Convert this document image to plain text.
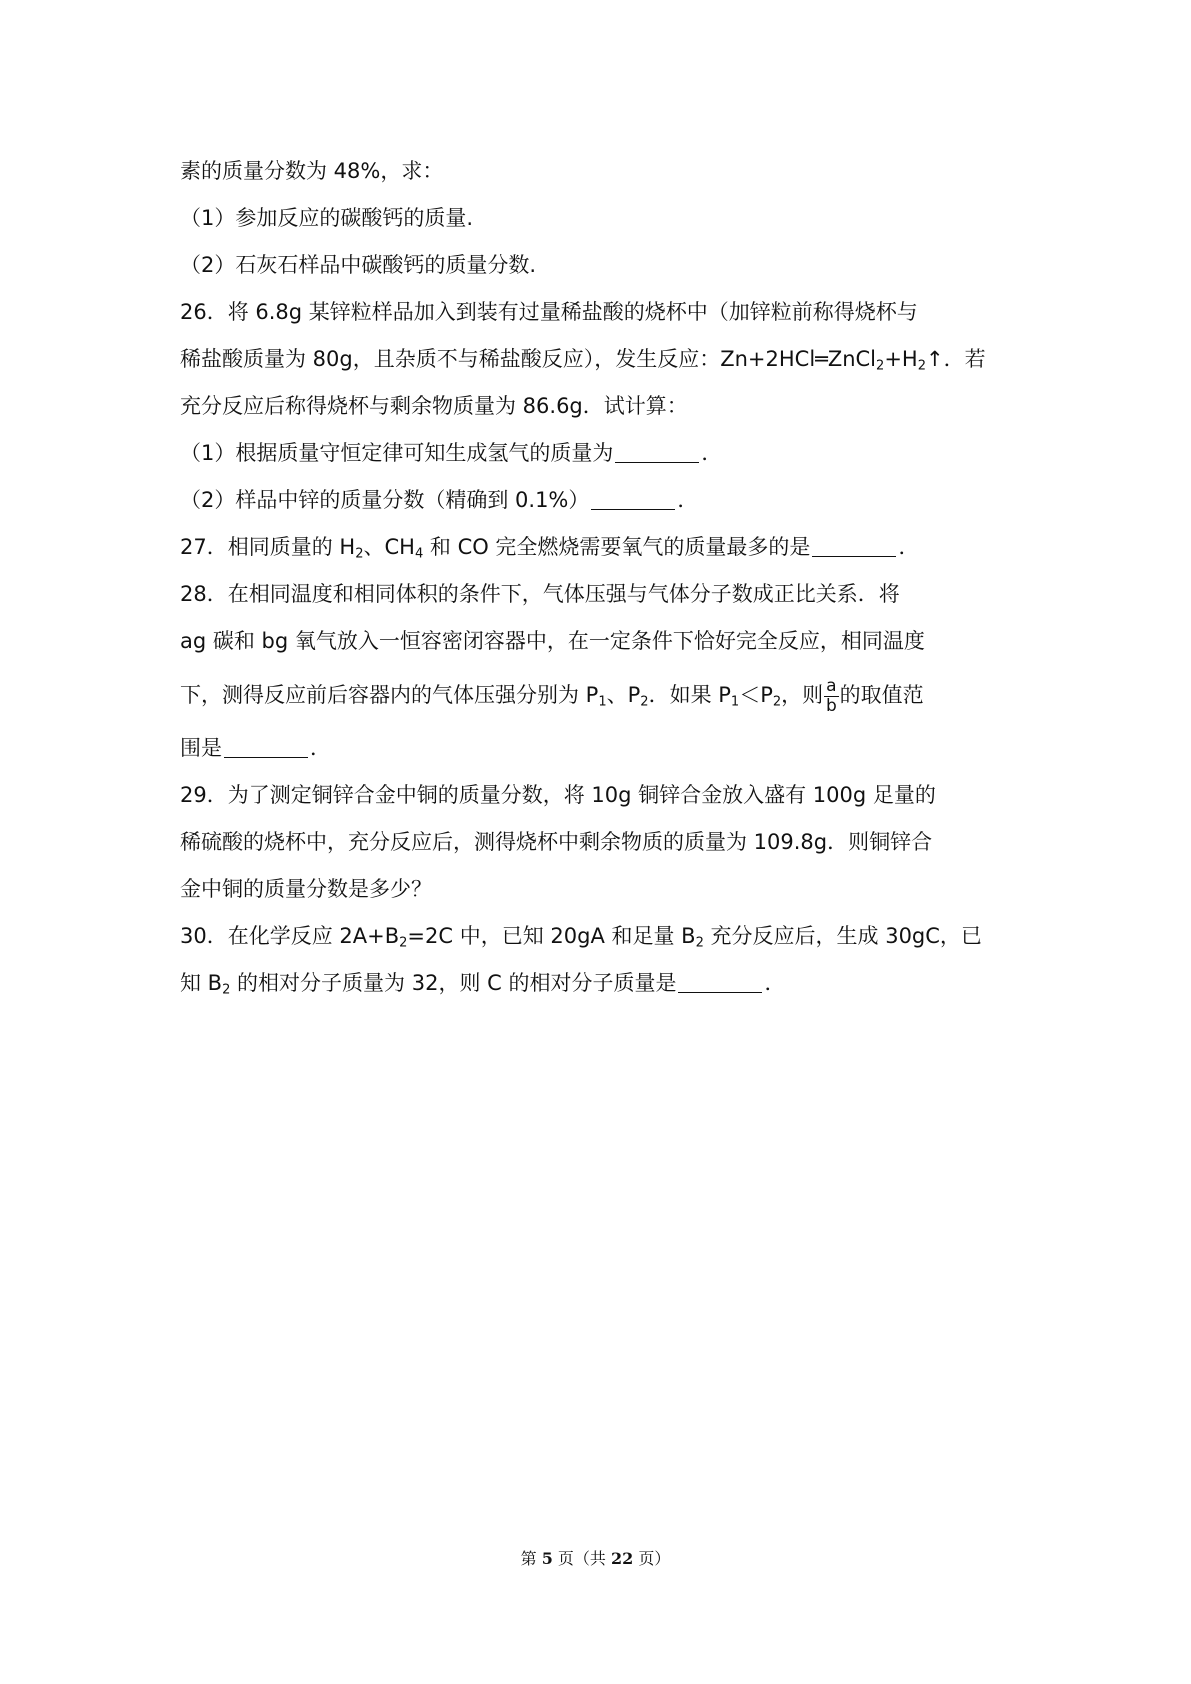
素的质量分数为 48%，求：
（1）参加反应的碳酸钙的质量.
（2）石灰石样品中碳酸钙的质量分数.
26．将 6.8g 某锌粒样品加入到装有过量稀盐酸的烧杯中（加锌粒前称得烧杯与
稀盐酸质量为 80g，且杂质不与稀盐酸反应），发生反应：$Zn+2HCl═ZnCl_2+H_2↑$．若
充分反应后称得烧杯与剩余物质量为 86.6g．试计算：
（1）根据质量守恒定律可知生成氢气的质量为	．
（2）样品中锌的质量分数（精确到 0.1%）	．
27．相同质量的 $H_2$、$CH_4$ 和 CO 完全燃烧需要氧气的质量最多的是	．
28．在相同温度和相同体积的条件下，气体压强与气体分子数成正比关系．将
ag 碳和 bg 氧气放入一恒容密闭容器中，在一定条件下恰好完全反应，相同温度
下，测得反应前后容器内的气体压强分别为 $P_1$、$P_2$．如果 $P_1<P_2$，则 $\frac{a}{b}$ 的取值范
围是	．
29．为了测定铜锌合金中铜的质量分数，将 10g 铜锌合金放入盛有 100g 足量的
稀硫酸的烧杯中，充分反应后，测得烧杯中剩余物质的质量为 109.8g．则铜锌合
金中铜的质量分数是多少？
30．在化学反应 $2A+B_2=2C$ 中，已知 20gA 和足量 $B_2$ 充分反应后，生成 30gC，已
知 $B_2$ 的相对分子质量为 32，则 C 的相对分子质量是	．
第 5 页（共 22 页）
